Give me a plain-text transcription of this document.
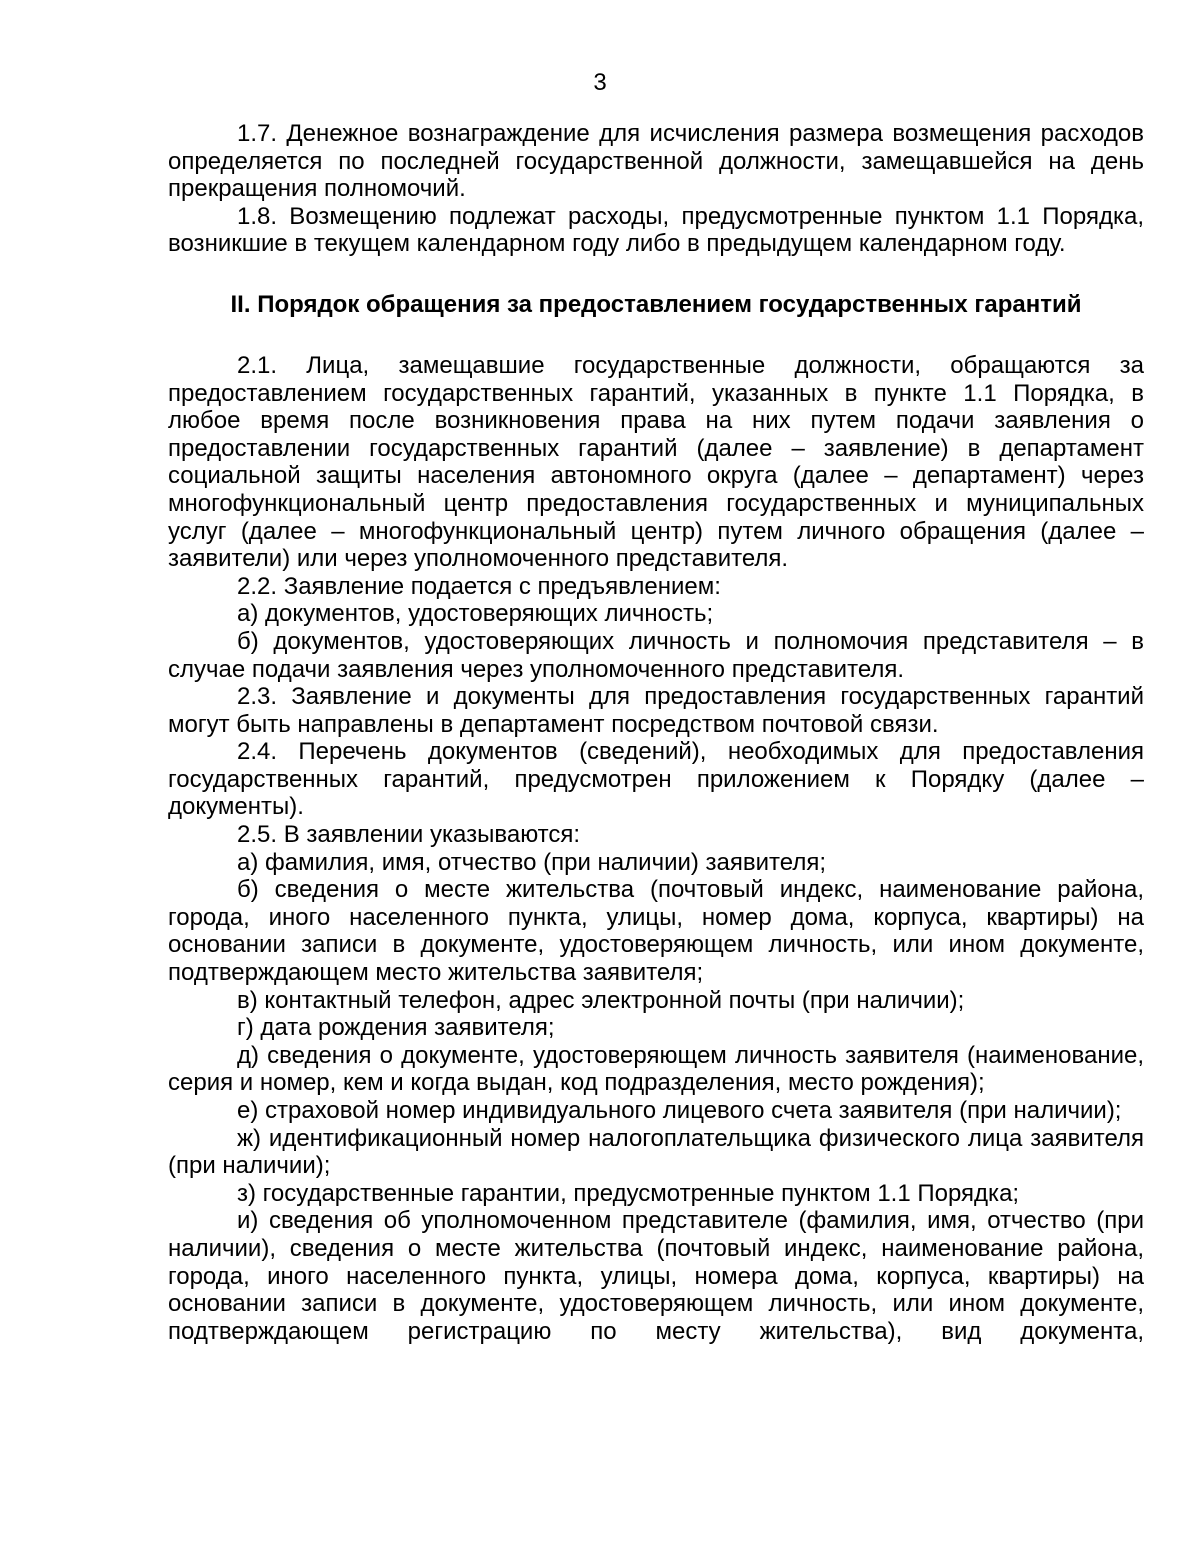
3

1.7. Денежное вознаграждение для исчисления размера возмещения расходов определяется по последней государственной должности, замещавшейся на день прекращения полномочий.

1.8. Возмещению подлежат расходы, предусмотренные пунктом 1.1 Порядка, возникшие в текущем календарном году либо в предыдущем календарном году.

II. Порядок обращения за предоставлением государственных гарантий

2.1. Лица, замещавшие государственные должности, обращаются за предоставлением государственных гарантий, указанных в пункте 1.1 Порядка, в любое время после возникновения права на них путем подачи заявления о предоставлении государственных гарантий (далее – заявление) в департамент социальной защиты населения автономного округа (далее – департамент) через многофункциональный центр предоставления государственных и муниципальных услуг (далее – многофункциональный центр) путем личного обращения (далее – заявители) или через уполномоченного представителя.

2.2. Заявление подается с предъявлением:

а) документов, удостоверяющих личность;

б) документов, удостоверяющих личность и полномочия представителя – в случае подачи заявления через уполномоченного представителя.

2.3. Заявление и документы для предоставления государственных гарантий могут быть направлены в департамент посредством почтовой связи.

2.4. Перечень документов (сведений), необходимых для предоставления государственных гарантий, предусмотрен приложением к Порядку (далее – документы).

2.5. В заявлении указываются:

а) фамилия, имя, отчество (при наличии) заявителя;

б) сведения о месте жительства (почтовый индекс, наименование района, города, иного населенного пункта, улицы, номер дома, корпуса, квартиры) на основании записи в документе, удостоверяющем личность, или ином документе, подтверждающем место жительства заявителя;

в) контактный телефон, адрес электронной почты (при наличии);

г) дата рождения заявителя;

д) сведения о документе, удостоверяющем личность заявителя (наименование, серия и номер, кем и когда выдан, код подразделения, место рождения);

е) страховой номер индивидуального лицевого счета заявителя (при наличии);

ж) идентификационный номер налогоплательщика физического лица заявителя (при наличии);

з) государственные гарантии, предусмотренные пунктом 1.1 Порядка;

и) сведения об уполномоченном представителе (фамилия, имя, отчество (при наличии), сведения о месте жительства (почтовый индекс, наименование района, города, иного населенного пункта, улицы, номера дома, корпуса, квартиры) на основании записи в документе, удостоверяющем личность, или ином документе, подтверждающем регистрацию по месту жительства), вид документа,
